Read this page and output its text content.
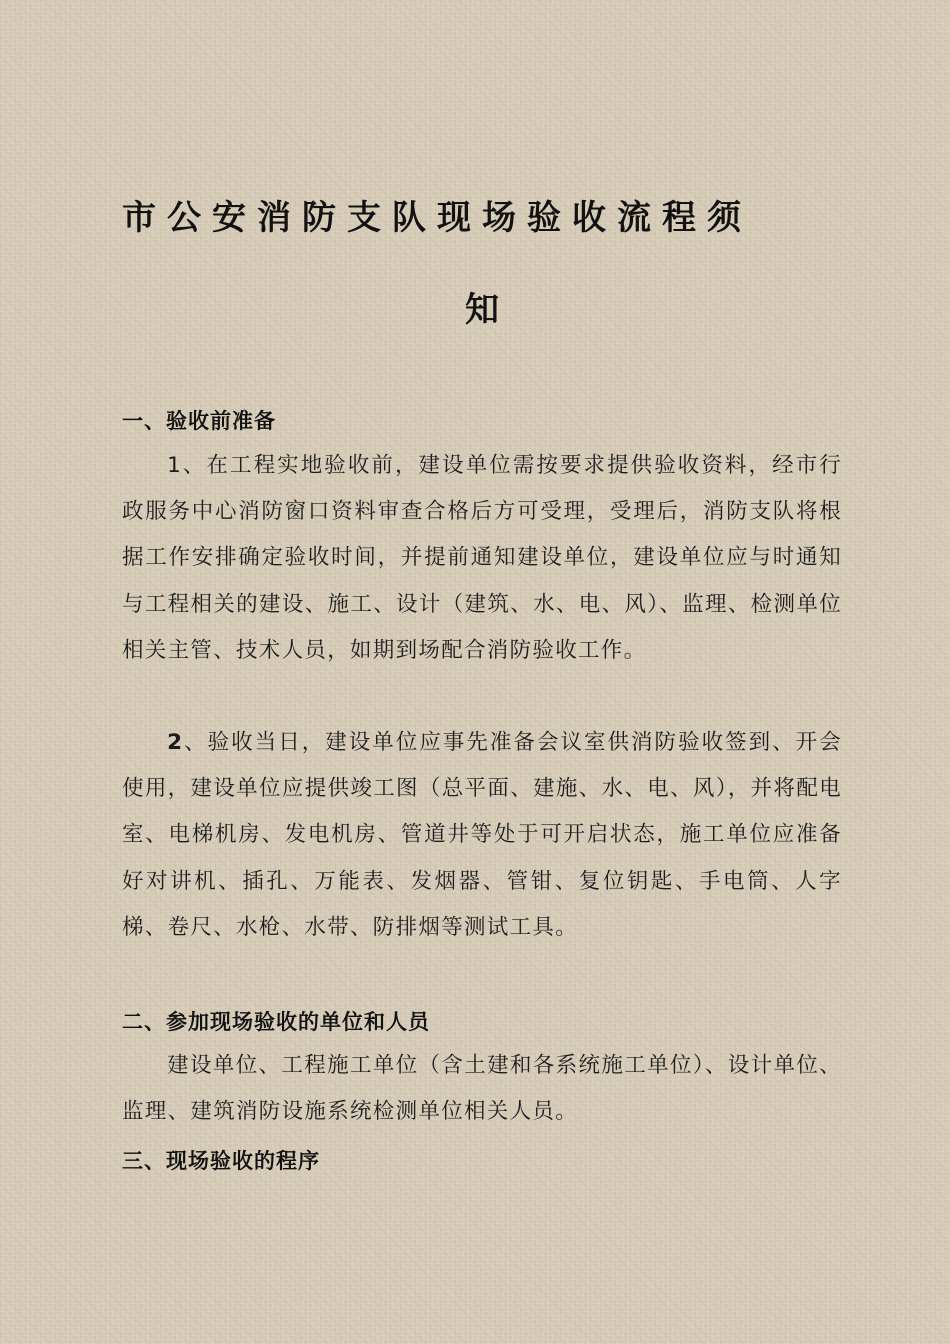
市公安消防支队现场验收流程须
知
一、验收前准备
1、在工程实地验收前，建设单位需按要求提供验收资料，经市行政服务中心消防窗口资料审查合格后方可受理，受理后，消防支队将根据工作安排确定验收时间，并提前通知建设单位，建设单位应与时通知与工程相关的建设、施工、设计（建筑、水、电、风）、监理、检测单位相关主管、技术人员，如期到场配合消防验收工作。
2、验收当日，建设单位应事先准备会议室供消防验收签到、开会使用，建设单位应提供竣工图（总平面、建施、水、电、风），并将配电室、电梯机房、发电机房、管道井等处于可开启状态，施工单位应准备好对讲机、插孔、万能表、发烟器、管钳、复位钥匙、手电筒、人字梯、卷尺、水枪、水带、防排烟等测试工具。
二、参加现场验收的单位和人员
建设单位、工程施工单位（含土建和各系统施工单位）、设计单位、监理、建筑消防设施系统检测单位相关人员。
三、现场验收的程序
